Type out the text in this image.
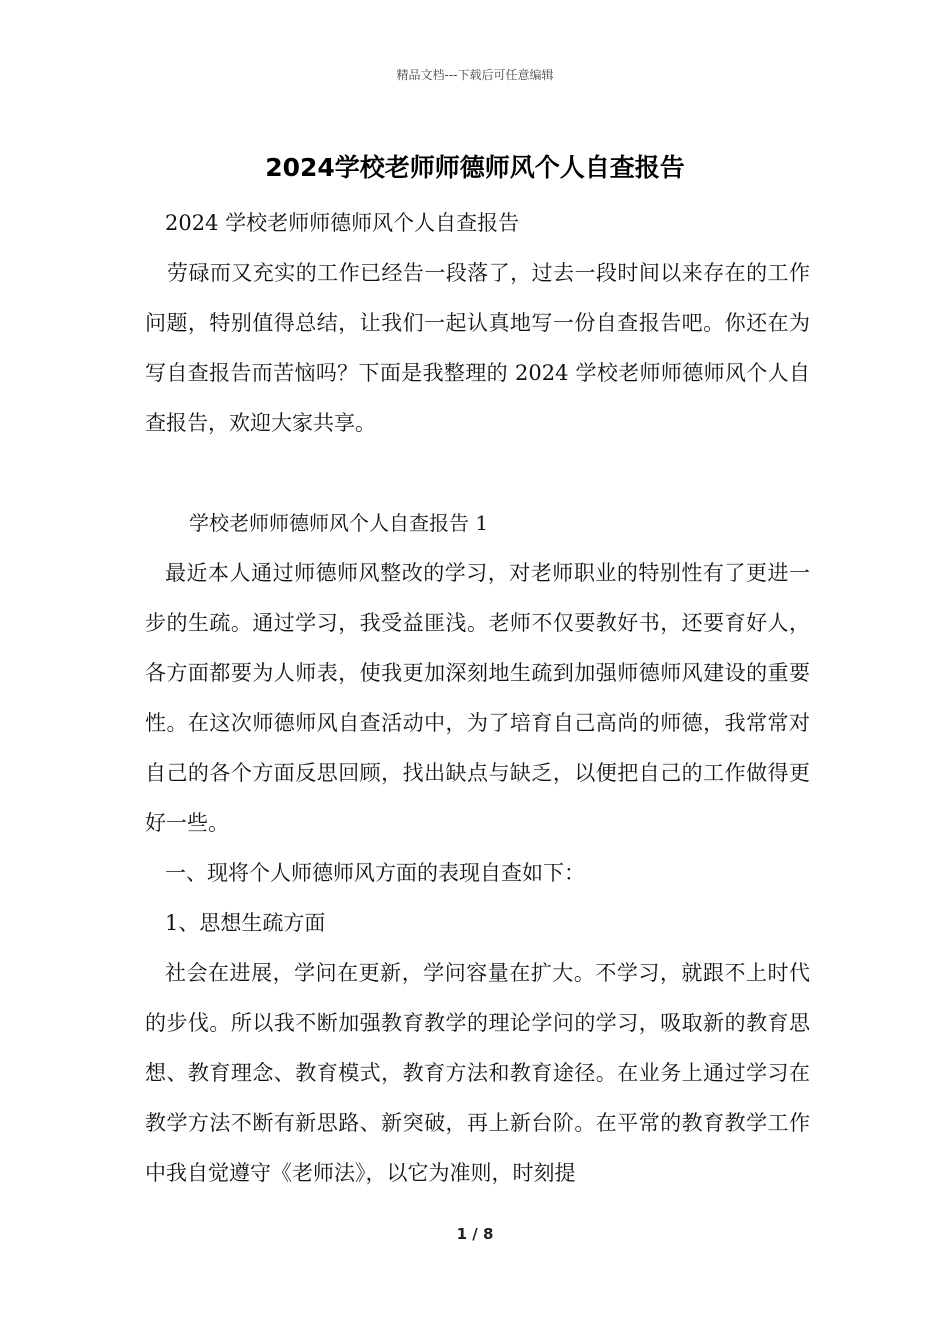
精品文档---下载后可任意编辑
2024学校老师师德师风个人自查报告

2024 学校老师师德师风个人自查报告

劳碌而又充实的工作已经告一段落了，过去一段时间以来存在的工作问题，特别值得总结，让我们一起认真地写一份自查报告吧。你还在为写自查报告而苦恼吗？下面是我整理的 2024 学校老师师德师风个人自查报告，欢迎大家共享。

学校老师师德师风个人自查报告 1

最近本人通过师德师风整改的学习，对老师职业的特别性有了更进一步的生疏。通过学习，我受益匪浅。老师不仅要教好书，还要育好人，各方面都要为人师表，使我更加深刻地生疏到加强师德师风建设的重要性。在这次师德师风自查活动中，为了培育自己高尚的师德，我常常对自己的各个方面反思回顾，找出缺点与缺乏，以便把自己的工作做得更好一些。

一、现将个人师德师风方面的表现自查如下：

1、思想生疏方面

社会在进展，学问在更新，学问容量在扩大。不学习，就跟不上时代的步伐。所以我不断加强教育教学的理论学问的学习，吸取新的教育思想、教育理念、教育模式，教育方法和教育途径。在业务上通过学习在教学方法不断有新思路、新突破，再上新台阶。在平常的教育教学工作中我自觉遵守《老师法》，以它为准则，时刻提

1 / 8
